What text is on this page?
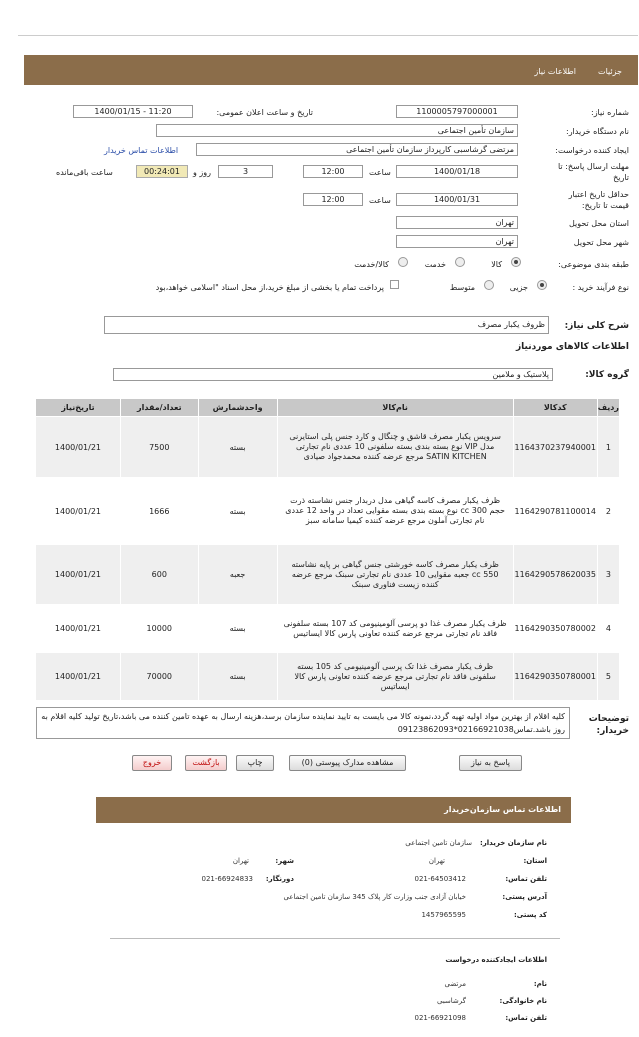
جزئیات
اطلاعات نیاز
شماره نیاز:
1100005797000001
تاریخ و ساعت اعلان عمومی:
1400/01/15 - 11:20
نام دستگاه خریدار:
سازمان تأمین اجتماعی
ایجاد کننده درخواست:
مرتضی گرشاسبی کارپرداز سازمان تأمین اجتماعی
اطلاعات تماس خریدار
مهلت ارسال پاسخ: تا
تاریخ
1400/01/18
ساعت
12:00
3
روز و
00:24:01
ساعت باقی‌مانده
حداقل تاریخ اعتبار
قیمت تا تاریخ:
1400/01/31
ساعت
12:00
استان محل تحویل
تهران
شهر محل تحویل
تهران
طبقه بندی موضوعی:
کالا
خدمت
کالا/خدمت
نوع فرآیند خرید :
جزیی
متوسط
پرداخت تمام یا بخشی از مبلغ خرید،از محل اسناد "اسلامی خواهد،بود
شرح کلی نیاز:
ظروف یکبار مصرف
اطلاعات کالاهای موردنیاز
گروه کالا:
پلاستیک و ملامین
ردیف	کدکالا	نام‌کالا	واحدشمارش	تعداد/مقدار	تاریخ‌نیاز
1	1164370237940001	سرویس یکبار مصرف قاشق و چنگال و کارد جنس پلی استایرنی مدل VIP نوع بسته بندی بسته سلفونی 10 عددی نام تجارتی SATIN KITCHEN مرجع عرضه کننده محمدجواد صیادی	بسته	7500	1400/01/21
2	1164290781100014	ظرف یکبار مصرف کاسه گیاهی مدل دربدار جنس نشاسته ذرت حجم 300 cc نوع بسته بندی بسته مقوایی تعداد در واحد 12 عددی نام تجارتی آملون مرجع عرضه کننده کیمیا سامانه سبز	بسته	1666	1400/01/21
3	1164290578620035	ظرف یکبار مصرف کاسه خورشتی جنس گیاهی بر پایه نشاسته 550 cc جعبه مقوایی 10 عددی نام تجارتی سبنک مرجع عرضه کننده زیست فناوری سبنک	جعبه	600	1400/01/21
4	1164290350780002	ظرف یکبار مصرف غذا دو پرسی آلومینیومی کد 107 بسته سلفونی فاقد نام تجارتی مرجع عرضه کننده تعاونی پارس کالا ایساتیس	بسته	10000	1400/01/21
5	1164290350780001	ظرف یکبار مصرف غذا تک پرسی آلومینیومی کد 105 بسته سلفونی فاقد نام تجارتی مرجع عرضه کننده تعاونی پارس کالا ایساتیس	بسته	70000	1400/01/21
توضیحات خریدار:
کلیه اقلام از بهترین مواد اولیه تهیه گردد،نمونه کالا می بایست به تایید نماینده سازمان برسد،هزینه ارسال به عهده تامین کننده می باشد،تاریخ تولید کلیه اقلام به روز باشد.تماس02166921038*09123862093
پاسخ به نیاز
مشاهده مدارک پیوستی (0)
چاپ
بازگشت
خروج
اطلاعات تماس سازمان‌خریدار
نام سازمان خریدار:
سازمان تامین اجتماعی
استان:
تهران
شهر:
تهران
تلفن تماس:
021-64503412
دورنگار:
021-66924833
آدرس پستی:
خیابان آزادی جنب وزارت کار پلاک 345 سازمان تامین اجتماعی
کد پستی:
1457965595
اطلاعات ایجادکننده درخواست
نام:
مرتضی
نام خانوادگی:
گرشاسبی
تلفن تماس:
021-66921098
